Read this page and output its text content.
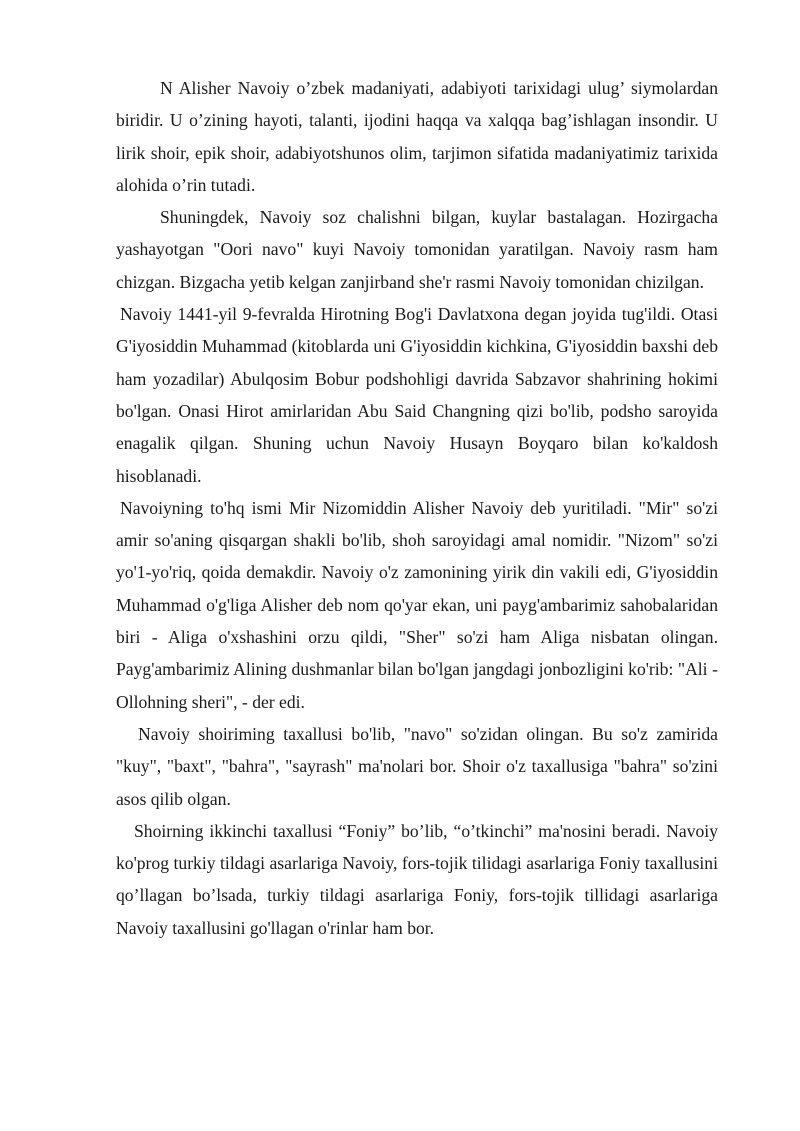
N Alisher Navoiy o’zbek madaniyati, adabiyoti tarixidagi ulug’ siymolardan biridir. U o’zining hayoti, talanti, ijodini haqqa va xalqqa bag’ishlagan insondir. U lirik shoir, epik shoir, adabiyotshunos olim, tarjimon sifatida madaniyatimiz tarixida alohida o’rin tutadi.

Shuningdek, Navoiy soz chalishni bilgan, kuylar bastalagan. Hozirgacha yashayotgan "Oori navo" kuyi Navoiy tomonidan yaratilgan. Navoiy rasm ham chizgan. Bizgacha yetib kelgan zanjirband she'r rasmi Navoiy tomonidan chizilgan.

Navoiy 1441-yil 9-fevralda Hirotning Bog'i Davlatxona degan joyida tug'ildi. Otasi G'iyosiddin Muhammad (kitoblarda uni G'iyosiddin kichkina, G'iyosiddin baxshi deb ham yozadilar) Abulqosim Bobur podshohligi davrida Sabzavor shahrining hokimi bo'lgan. Onasi Hirot amirlaridan Abu Said Changning qizi bo'lib, podsho saroyida enagalik qilgan. Shuning uchun Navoiy Husayn Boyqaro bilan ko'kaldosh hisoblanadi.

Navoiyning to'hq ismi Mir Nizomiddin Alisher Navoiy deb yuritiladi. "Mir" so'zi amir so'aning qisqargan shakli bo'lib, shoh saroyidagi amal nomidir. "Nizom" so'zi yo'1-yo'riq, qoida demakdir. Navoiy o'z zamonining yirik din vakili edi, G'iyosiddin Muhammad o'g'liga Alisher deb nom qo'yar ekan, uni payg'ambarimiz sahobalaridan biri - Aliga o'xshashini orzu qildi, "Sher" so'zi ham Aliga nisbatan olingan. Payg'ambarimiz Alining dushmanlar bilan bo'lgan jangdagi jonbozligini ko'rib: "Ali - Ollohning sheri", - der edi.

Navoiy shoiriming taxallusi bo'lib, "navo" so'zidan olingan. Bu so'z zamirida "kuy", "baxt", "bahra", "sayrash" ma'nolari bor. Shoir o'z taxallusiga "bahra" so'zini asos qilib olgan.

Shoirning ikkinchi taxallusi “Foniy” bo’lib, “o’tkinchi” ma'nosini beradi. Navoiy ko'prog turkiy tildagi asarlariga Navoiy, fors-tojik tilidagi asarlariga Foniy taxallusini qo’llagan bo’lsada, turkiy tildagi asarlariga Foniy, fors-tojik tillidagi asarlariga Navoiy taxallusini go'llagan o'rinlar ham bor.
